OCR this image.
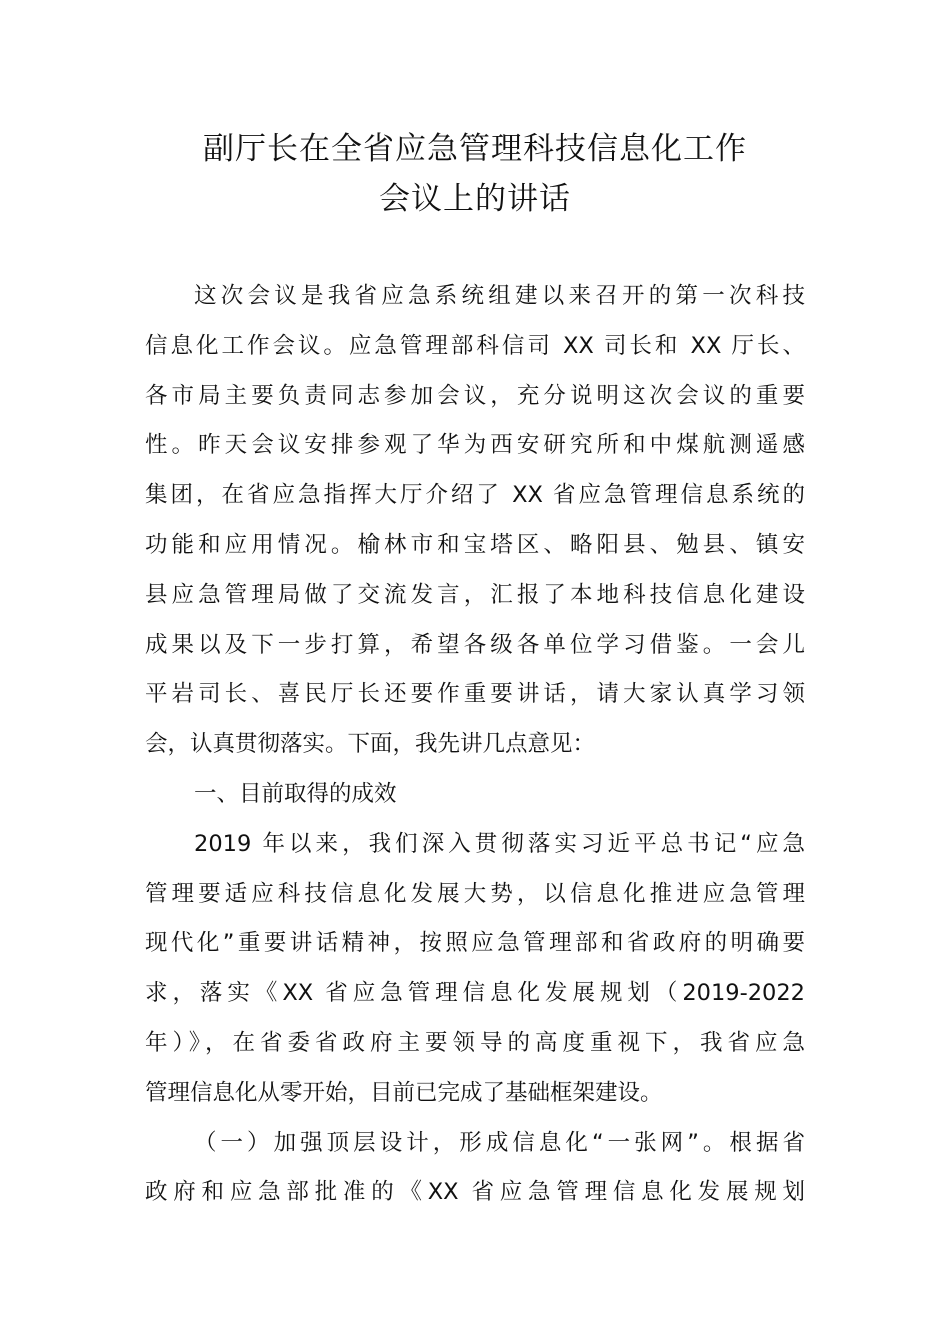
副厅长在全省应急管理科技信息化工作
会议上的讲话
这次会议是我省应急系统组建以来召开的第一次科技
信息化工作会议。应急管理部科信司 XX 司长和 XX 厅长、
各市局主要负责同志参加会议，充分说明这次会议的重要
性。昨天会议安排参观了华为西安研究所和中煤航测遥感
集团，在省应急指挥大厅介绍了 XX 省应急管理信息系统的
功能和应用情况。榆林市和宝塔区、略阳县、勉县、镇安
县应急管理局做了交流发言，汇报了本地科技信息化建设
成果以及下一步打算，希望各级各单位学习借鉴。一会儿
平岩司长、喜民厅长还要作重要讲话，请大家认真学习领
会，认真贯彻落实。下面，我先讲几点意见：
一、目前取得的成效
2019 年以来，我们深入贯彻落实习近平总书记“应急
管理要适应科技信息化发展大势，以信息化推进应急管理
现代化”重要讲话精神，按照应急管理部和省政府的明确要
求，落实《XX 省应急管理信息化发展规划（2019-2022
年）》，在省委省政府主要领导的高度重视下，我省应急
管理信息化从零开始，目前已完成了基础框架建设。
（一）加强顶层设计，形成信息化“一张网”。根据省
政府和应急部批准的《XX 省应急管理信息化发展规划
